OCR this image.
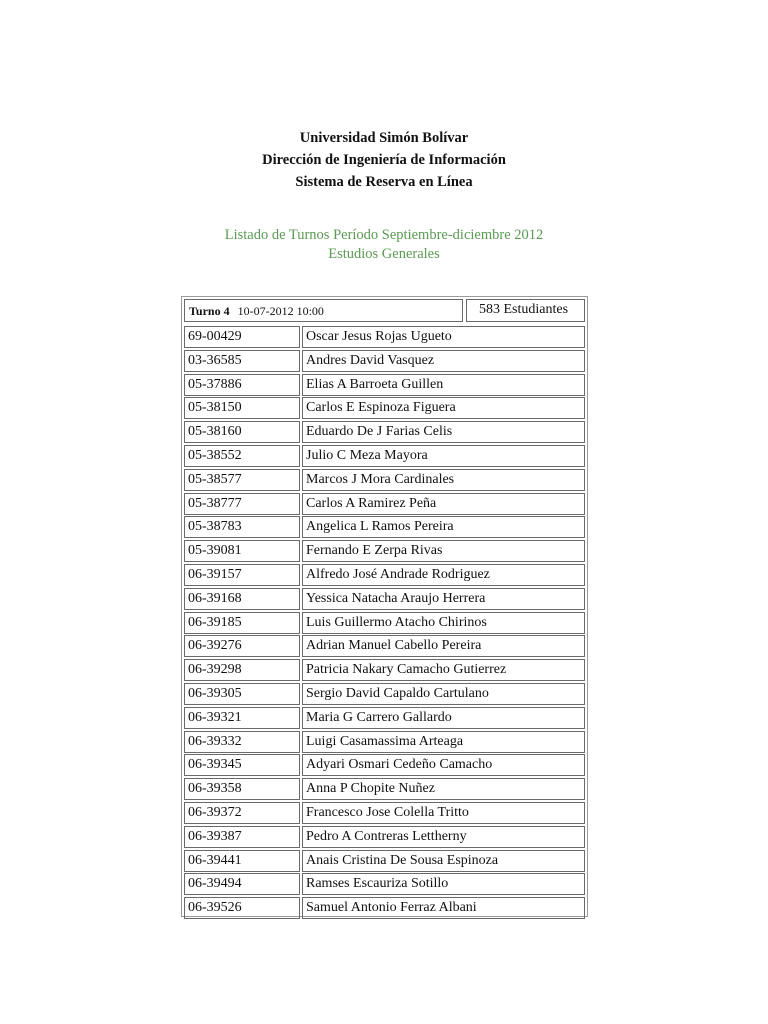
Universidad Simón Bolívar
Dirección de Ingeniería de Información
Sistema de Reserva en Línea
Listado de Turnos Período Septiembre-diciembre 2012
Estudios Generales
Turno 4 10-07-2012 10:00	583 Estudiantes
69-00429	Oscar Jesus Rojas Ugueto
03-36585	Andres David Vasquez
05-37886	Elias A Barroeta Guillen
05-38150	Carlos E Espinoza Figuera
05-38160	Eduardo De J Farias Celis
05-38552	Julio C Meza Mayora
05-38577	Marcos J Mora Cardinales
05-38777	Carlos A Ramirez Peña
05-38783	Angelica L Ramos Pereira
05-39081	Fernando E Zerpa Rivas
06-39157	Alfredo José Andrade Rodriguez
06-39168	Yessica Natacha Araujo Herrera
06-39185	Luis Guillermo Atacho Chirinos
06-39276	Adrian Manuel Cabello Pereira
06-39298	Patricia Nakary Camacho Gutierrez
06-39305	Sergio David Capaldo Cartulano
06-39321	Maria G Carrero Gallardo
06-39332	Luigi Casamassima Arteaga
06-39345	Adyari Osmari Cedeño Camacho
06-39358	Anna P Chopite Nuñez
06-39372	Francesco Jose Colella Tritto
06-39387	Pedro A Contreras Lettherny
06-39441	Anais Cristina De Sousa Espinoza
06-39494	Ramses Escauriza Sotillo
06-39526	Samuel Antonio Ferraz Albani
